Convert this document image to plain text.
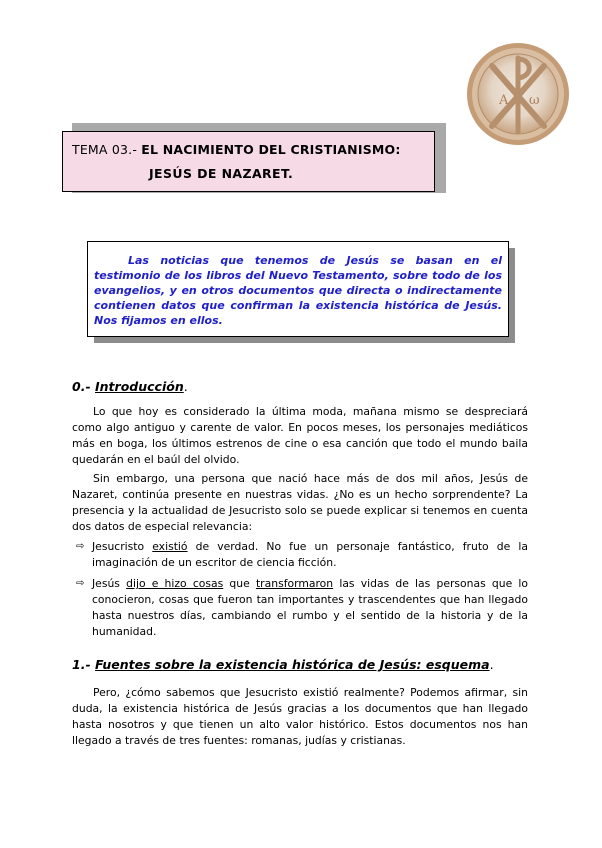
A ω
TEMA 03.- EL NACIMIENTO DEL CRISTIANISMO:
JESÚS DE NAZARET.

Las noticias que tenemos de Jesús se basan en el testimonio de los libros del Nuevo Testamento, sobre todo de los evangelios, y en otros documentos que directa o indirectamente contienen datos que confirman la existencia histórica de Jesús. Nos fijamos en ellos.

0.- Introducción.

Lo que hoy es considerado la última moda, mañana mismo se despreciará como algo antiguo y carente de valor. En pocos meses, los personajes mediáticos más en boga, los últimos estrenos de cine o esa canción que todo el mundo baila quedarán en el baúl del olvido.

Sin embargo, una persona que nació hace más de dos mil años, Jesús de Nazaret, continúa presente en nuestras vidas. ¿No es un hecho sorprendente? La presencia y la actualidad de Jesucristo solo se puede explicar si tenemos en cuenta dos datos de especial relevancia:

⇨ Jesucristo existió de verdad. No fue un personaje fantástico, fruto de la imaginación de un escritor de ciencia ficción.
⇨ Jesús dijo e hizo cosas que transformaron las vidas de las personas que lo conocieron, cosas que fueron tan importantes y trascendentes que han llegado hasta nuestros días, cambiando el rumbo y el sentido de la historia y de la humanidad.
1.- Fuentes sobre la existencia histórica de Jesús: esquema.

Pero, ¿cómo sabemos que Jesucristo existió realmente? Podemos afirmar, sin duda, la existencia histórica de Jesús gracias a los documentos que han llegado hasta nosotros y que tienen un alto valor histórico. Estos documentos nos han llegado a través de tres fuentes: romanas, judías y cristianas.
